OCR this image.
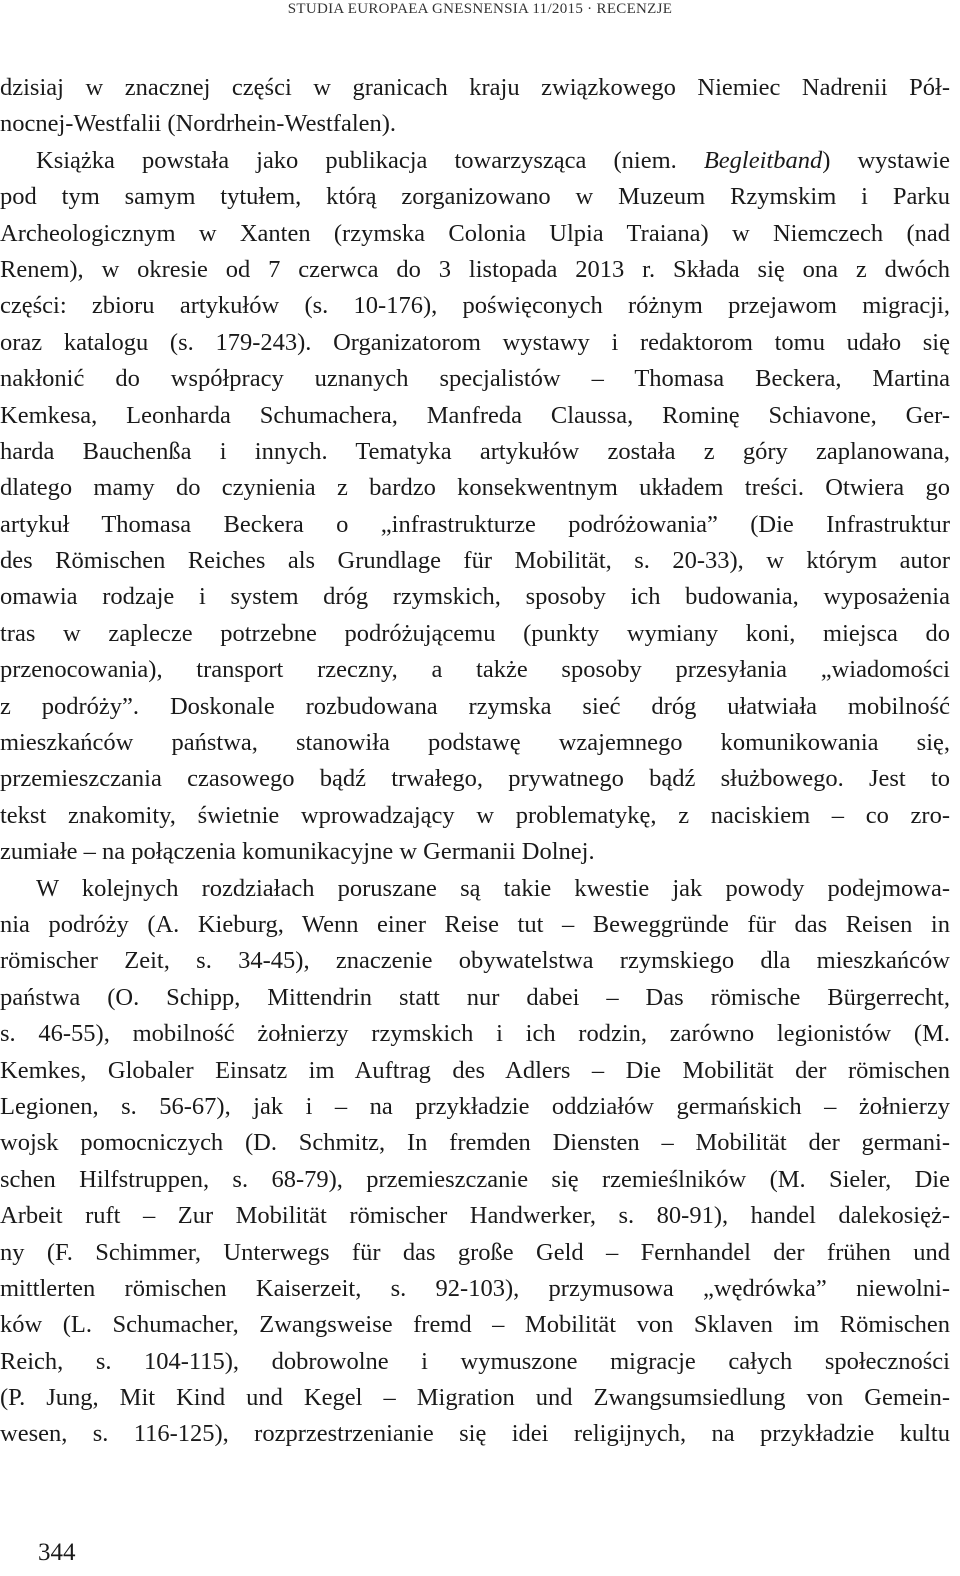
STUDIA EUROPAEA GNESNENSIA 11/2015 · RECENZJE
dzisiaj w znacznej części w granicach kraju związkowego Niemiec Nadrenii Pół-
nocnej-Westfalii (Nordrhein-Westfalen).
Książka powstała jako publikacja towarzysząca (niem. Begleitband) wystawie
pod tym samym tytułem, którą zorganizowano w Muzeum Rzymskim i Parku
Archeologicznym w Xanten (rzymska Colonia Ulpia Traiana) w Niemczech (nad
Renem), w okresie od 7 czerwca do 3 listopada 2013 r. Składa się ona z dwóch
części: zbioru artykułów (s. 10-176), poświęconych różnym przejawom migracji,
oraz katalogu (s. 179-243). Organizatorom wystawy i redaktorom tomu udało się
nakłonić do współpracy uznanych specjalistów – Thomasa Beckera, Martina
Kemkesa, Leonharda Schumachera, Manfreda Claussa, Rominę Schiavone, Ger-
harda Bauchenßa i innych. Tematyka artykułów została z góry zaplanowana,
dlatego mamy do czynienia z bardzo konsekwentnym układem treści. Otwiera go
artykuł Thomasa Beckera o „infrastrukturze podróżowania” (Die Infrastruktur
des Römischen Reiches als Grundlage für Mobilität, s. 20-33), w którym autor
omawia rodzaje i system dróg rzymskich, sposoby ich budowania, wyposażenia
tras w zaplecze potrzebne podróżującemu (punkty wymiany koni, miejsca do
przenocowania), transport rzeczny, a także sposoby przesyłania „wiadomości
z podróży”. Doskonale rozbudowana rzymska sieć dróg ułatwiała mobilność
mieszkańców państwa, stanowiła podstawę wzajemnego komunikowania się,
przemieszczania czasowego bądź trwałego, prywatnego bądź służbowego. Jest to
tekst znakomity, świetnie wprowadzający w problematykę, z naciskiem – co zro-
zumiałe – na połączenia komunikacyjne w Germanii Dolnej.
W kolejnych rozdziałach poruszane są takie kwestie jak powody podejmowa-
nia podróży (A. Kieburg, Wenn einer Reise tut – Beweggründe für das Reisen in
römischer Zeit, s. 34-45), znaczenie obywatelstwa rzymskiego dla mieszkańców
państwa (O. Schipp, Mittendrin statt nur dabei – Das römische Bürgerrecht,
s. 46-55), mobilność żołnierzy rzymskich i ich rodzin, zarówno legionistów (M.
Kemkes, Globaler Einsatz im Auftrag des Adlers – Die Mobilität der römischen
Legionen, s. 56-67), jak i – na przykładzie oddziałów germańskich – żołnierzy
wojsk pomocniczych (D. Schmitz, In fremden Diensten – Mobilität der germani-
schen Hilfstruppen, s. 68-79), przemieszczanie się rzemieślników (M. Sieler, Die
Arbeit ruft – Zur Mobilität römischer Handwerker, s. 80-91), handel dalekosięż-
ny (F. Schimmer, Unterwegs für das große Geld – Fernhandel der frühen und
mittlerten römischen Kaiserzeit, s. 92-103), przymusowa „wędrówka” niewolni-
ków (L. Schumacher, Zwangsweise fremd – Mobilität von Sklaven im Römischen
Reich, s. 104-115), dobrowolne i wymuszone migracje całych społeczności
(P. Jung, Mit Kind und Kegel – Migration und Zwangsumsiedlung von Gemein-
wesen, s. 116-125), rozprzestrzenianie się idei religijnych, na przykładzie kultu
344
